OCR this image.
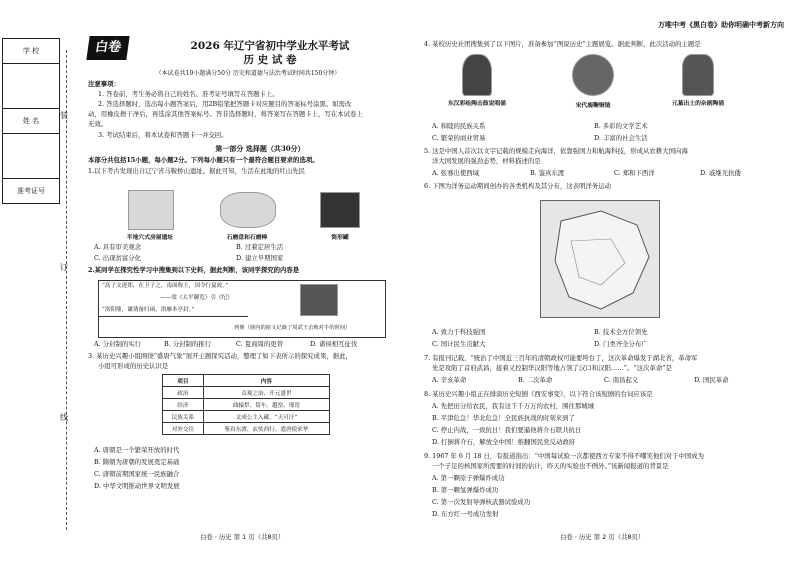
万唯中考《黑白卷》助你明确中考新方向
学 校
姓 名
准考证号
装
订
线
白卷	2026 年辽宁省初中学业水平考试
历 史 试 卷
（本试卷共19小题满分50分 历史和道德与法治考试时间共150分钟）
注意事项：
1. 答卷前，考生务必将自己的姓名、准考证号填写在答题卡上。
2. 答选择题时，选出每小题答案后，用2B铅笔把答题卡对应题目的答案标号涂黑。如需改
动，用橡皮擦干净后，再选涂其他答案标号。答非选择题时，将答案写在答题卡上，写在本试卷上
无效。
3. 考试结束后，将本试卷和答题卡一并交回。
第一部分 选择题（共30分）
本部分共包括15小题，每小题2分。下列每小题只有一个最符合题目要求的选项。
1.以下考古发现出自辽宁省马鞍桥山遗址。据此可知，生活在此地的红山先民
半地穴式房屋遗址	石磨盘和石磨棒	筒形罐
A. 具有审美观念	B. 过着定居生活
C. 出现贫富分化	D. 建立早期国家
2.某同学在探究性学习中搜集到以下史料，据此判断，该同学探究的内容是
“高子文逐郑，在卫子之，南面称王，国令行夏政。”
——梁《太平御览》引《纪》
“洛阳鼎，谦诱备归函，浴雁本亭封。”
列鼎（鼎内的铭文记载了周武王击败对手的时间）
A. 分封制的实行	B. 分封制的推行	C. 夏商周的更替	D. 诸侯相互征伐
3. 某历史兴趣小组围绕“盛唐气象”展开主题探究活动，整理了如下表所示的探究成果，据此，
小组可形成的历史认识是
项目	内容
政治	贞观之治、开元盛世
经济	曲辕犁、筒车、越窑、邢窑
民族关系	文成公主入藏、“天可汗”
对外交往	鉴真东渡、玄奘西行、遣唐使来华
A. 唐朝是一个繁荣开放的时代
B. 隋朝为唐朝的发展奠定基础
C. 唐朝前期国家统一民族融合
D. 中华文明推动世界文明发展
白卷 · 历史 第 1 页（共8页）
4. 某校历史社团搜集到了以下图片，准备参加“图说历史”主题展览。据此判断，此次活动的主题是
东汉彩绘陶击鼓说唱俑	宋代鹿鞠铜镜	元墓出土的杂剧陶俑
A. 和睦的民族关系	B. 多彩的文学艺术
C. 繁荣的商业贸易	D. 丰富的社会生活
5. 这是中国人首次以文字记载的规模走向海洋，依靠强国力和航海科技，形成从农耕大国向海
洋大国发展的强劲态势，材料描述的是
A. 张骞出使西域	B. 鉴真东渡	C. 郑和下西洋	D. 戚继光抗倭
6. 下图为洋务运动期间创办的各类机构及其分布，这表明洋务运动
A. 致力于科技强国	B. 技术全方位领先
C. 国计民生贡献大	D. 门类齐全分布广
7. 有报刊记载，“统治了中国近三百年的清朝政权可能要垮台了，这次革命爆发于湖北省，革命军
先是攻陷了首府武昌，接着又控制华汉阳等地占领了汉口和汉阳……”。“这次革命”是
A. 辛亥革命	B. 二次革命	C. 南昌起义	D. 国民革命
8. 某历史兴趣小组正在排演历史短剧《西安事变》，以下符合该短剧的台词应该是
A. 先把田分给农民，我有这千千万万的农村，围住那城城
B. 平津危急！华北危急！全民族抗战的时刻来到了
C. 停止内战，一致抗日！我们要逼他蒋介石联共抗日
D. 打倒蒋介石，解放全中国！推翻国民党反动政府
9. 1967 年 6 月 18 日，有报道指出：“中国每试验一次都使西方专家不得不嘲笑他们对于中国成为
一个子足的核国家所需要的时间的估计，昨天的实验也不例外。”该新闻报道的背景是
A. 第一颗原子弹爆炸成功
B. 第一颗氢弹爆炸成功
C. 第一次发射导弹核武器试验成功
D. 东方红一号成功发射
白卷 · 历史 第 2 页（共8页）
